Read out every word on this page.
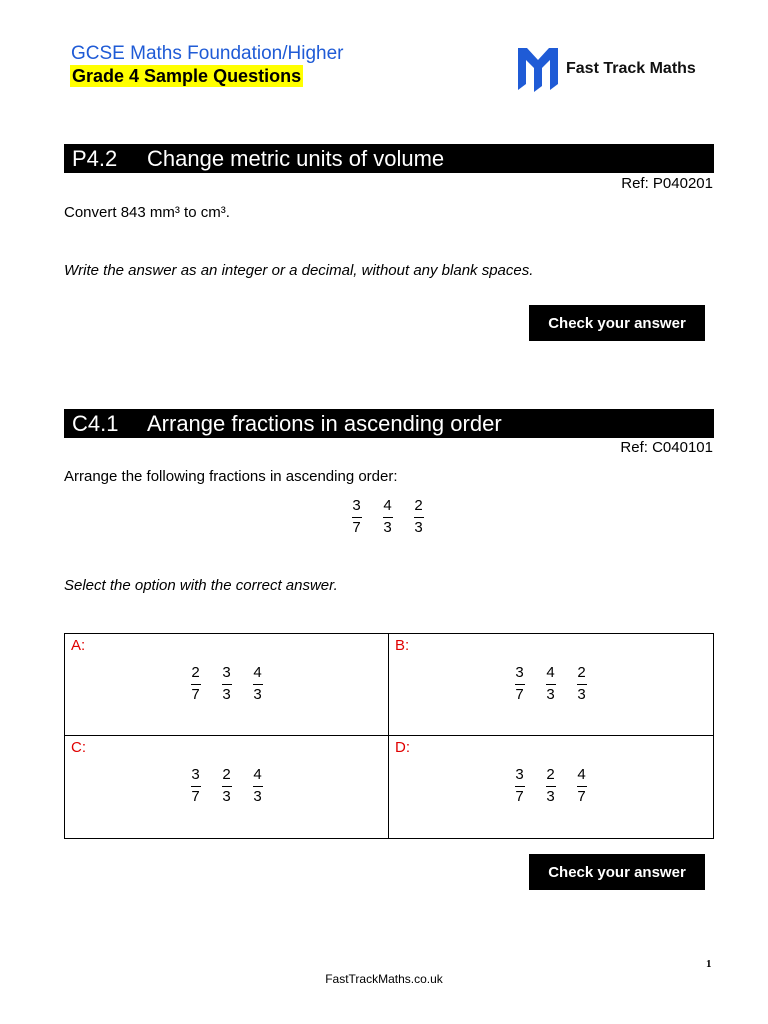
GCSE Maths Foundation/Higher
Grade 4 Sample Questions	Fast Track Maths
P4.2 Change metric units of volume
Ref: P040201
Convert 843 mm³ to cm³.
Write the answer as an integer or a decimal, without any blank spaces.
Check your answer
C4.1 Arrange fractions in ascending order
Ref: C040101
Arrange the following fractions in ascending order:
$\frac{3}{7} \frac{4}{3} \frac{2}{3}$
Select the option with the correct answer.
A:
$\frac{2}{7} \frac{3}{3} \frac{4}{3}$
B:
$\frac{3}{7} \frac{4}{3} \frac{2}{3}$
C:
$\frac{3}{7} \frac{2}{3} \frac{4}{3}$
D:
$\frac{3}{7} \frac{2}{3} \frac{4}{7}$
Check your answer
1
FastTrackMaths.co.uk
